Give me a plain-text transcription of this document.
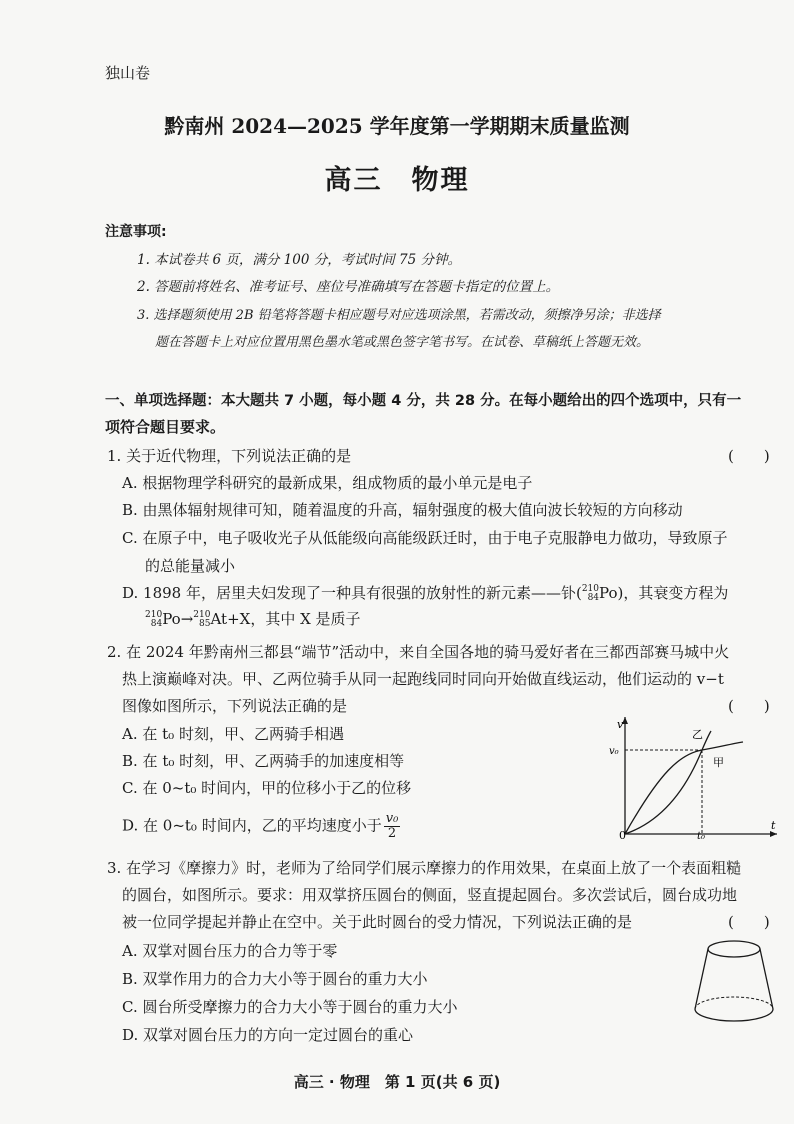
独山卷
黔南州 2024—2025 学年度第一学期期末质量监测
高三　物理
注意事项:
1. 本试卷共 6 页，满分 100 分，考试时间 75 分钟。
2. 答题前将姓名、准考证号、座位号准确填写在答题卡指定的位置上。
3. 选择题须使用 2B 铅笔将答题卡相应题号对应选项涂黑，若需改动，须擦净另涂；非选择
题在答题卡上对应位置用黑色墨水笔或黑色签字笔书写。在试卷、草稿纸上答题无效。
一、单项选择题：本大题共 7 小题，每小题 4 分，共 28 分。在每小题给出的四个选项中，只有一
项符合题目要求。
1. 关于近代物理，下列说法正确的是	(　　)
A. 根据物理学科研究的最新成果，组成物质的最小单元是电子
B. 由黑体辐射规律可知，随着温度的升高，辐射强度的极大值向波长较短的方向移动
C. 在原子中，电子吸收光子从低能级向高能级跃迁时，由于电子克服静电力做功，导致原子
的总能量减小
D. 1898 年，居里夫妇发现了一种具有很强的放射性的新元素——钋( 210
84 Po)，其衰变方程为
210
84 Po→ 210
85 At+X，其中 X 是质子
2. 在 2024 年黔南州三都县“端节”活动中，来自全国各地的骑马爱好者在三都西部赛马城中火
热上演巅峰对决。甲、乙两位骑手从同一起跑线同时同向开始做直线运动，他们运动的 v−t
图像如图所示，下列说法正确的是	(　　)
A. 在 t₀ 时刻，甲、乙两骑手相遇
B. 在 t₀ 时刻，甲、乙两骑手的加速度相等
C. 在 0~t₀ 时间内，甲的位移小于乙的位移
D. 在 0~t₀ 时间内，乙的平均速度小于 $\frac{\text{v₀}}{2}$
v
t
0
v₀
t₀
甲
乙
3. 在学习《摩擦力》时，老师为了给同学们展示摩擦力的作用效果，在桌面上放了一个表面粗糙
的圆台，如图所示。要求：用双掌挤压圆台的侧面，竖直提起圆台。多次尝试后，圆台成功地
被一位同学提起并静止在空中。关于此时圆台的受力情况，下列说法正确的是	(　　)
A. 双掌对圆台压力的合力等于零
B. 双掌作用力的合力大小等于圆台的重力大小
C. 圆台所受摩擦力的合力大小等于圆台的重力大小
D. 双掌对圆台压力的方向一定过圆台的重心
高三 · 物理　第 1 页(共 6 页)
